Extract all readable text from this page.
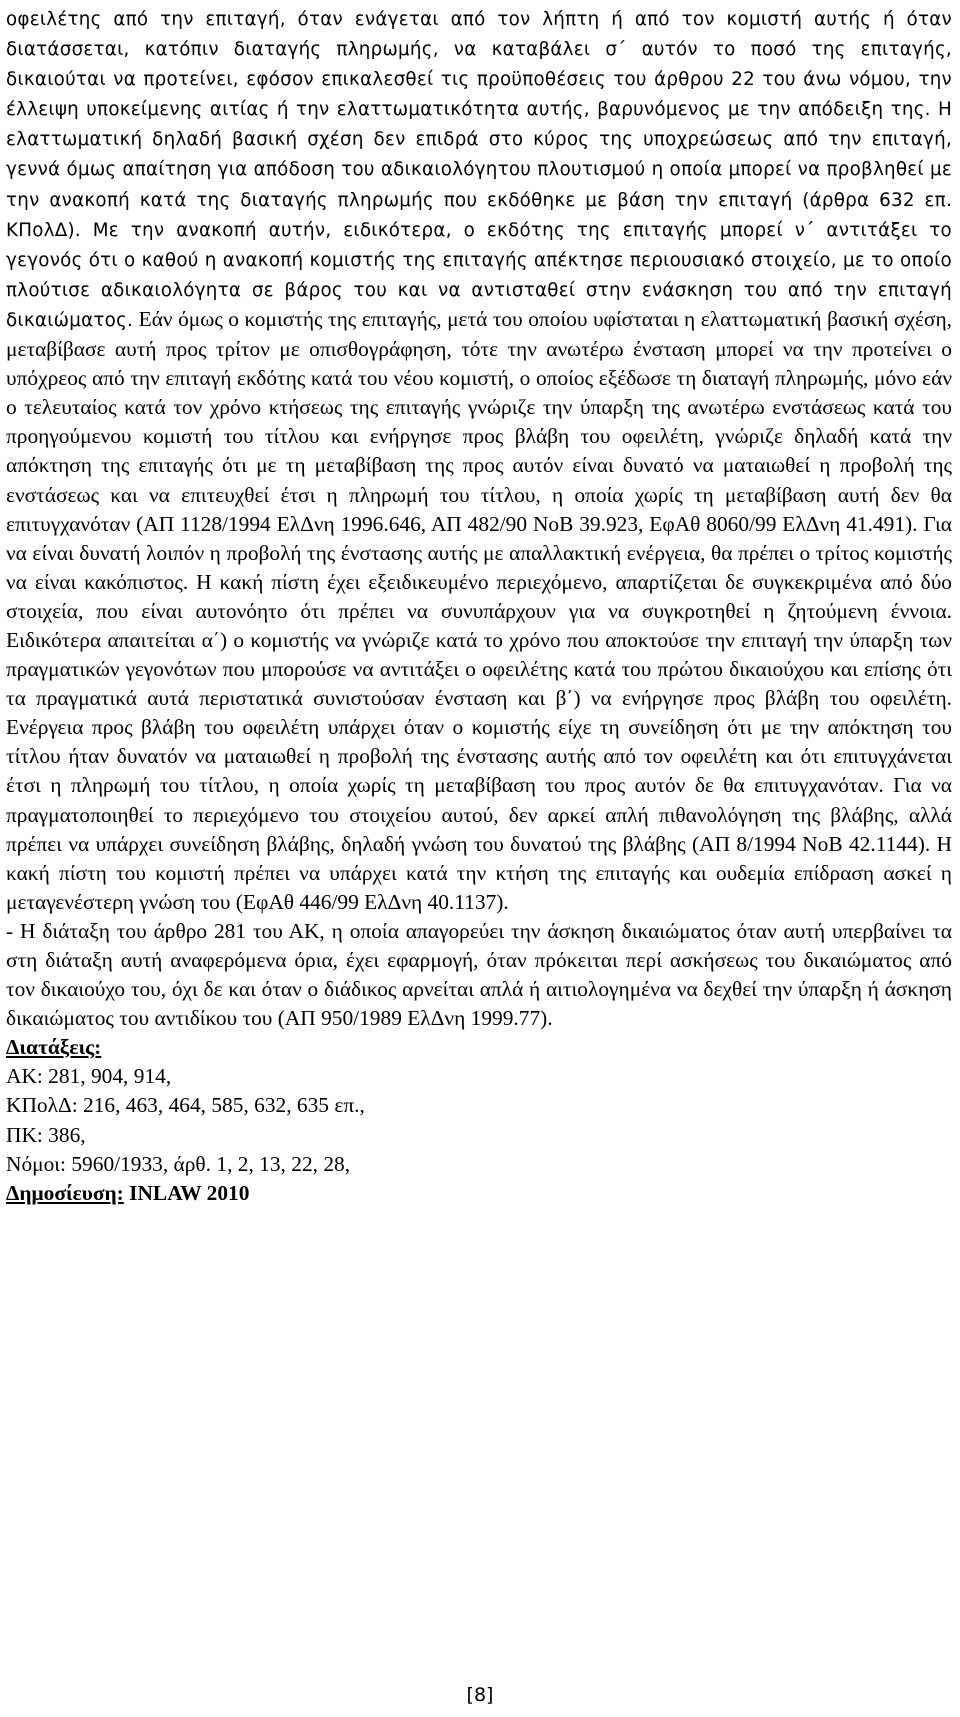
οφειλέτης από την επιταγή, όταν ενάγεται από τον λήπτη ή από τον κομιστή αυτής ή όταν διατάσσεται, κατόπιν διαταγής πληρωμής, να καταβάλει σ΄ αυτόν το ποσό της επιταγής, δικαιούται να προτείνει, εφόσον επικαλεσθεί τις προϋποθέσεις του άρθρου 22 του άνω νόμου, την έλλειψη υποκείμενης αιτίας ή την ελαττωματικότητα αυτής, βαρυνόμενος με την απόδειξη της. Η ελαττωματική δηλαδή βασική σχέση δεν επιδρά στο κύρος της υποχρεώσεως από την επιταγή, γεννά όμως απαίτηση για απόδοση του αδικαιολόγητου πλουτισμού η οποία μπορεί να προβληθεί με την ανακοπή κατά της διαταγής πληρωμής που εκδόθηκε με βάση την επιταγή (άρθρα 632 επ. ΚΠολΔ). Με την ανακοπή αυτήν, ειδικότερα, ο εκδότης της επιταγής μπορεί ν΄ αντιτάξει το γεγονός ότι ο καθού η ανακοπή κομιστής της επιταγής απέκτησε περιουσιακό στοιχείο, με το οποίο πλούτισε αδικαιολόγητα σε βάρος του και να αντισταθεί στην ενάσκηση του από την επιταγή δικαιώματος. Εάν όμως ο κομιστής της επιταγής, μετά του οποίου υφίσταται η ελαττωματική βασική σχέση, μεταβίβασε αυτή προς τρίτον με οπισθογράφηση, τότε την ανωτέρω ένσταση μπορεί να την προτείνει ο υπόχρεος από την επιταγή εκδότης κατά του νέου κομιστή, ο οποίος εξέδωσε τη διαταγή πληρωμής, μόνο εάν ο τελευταίος κατά τον χρόνο κτήσεως της επιταγής γνώριζε την ύπαρξη της ανωτέρω ενστάσεως κατά του προηγούμενου κομιστή του τίτλου και ενήργησε προς βλάβη του οφειλέτη, γνώριζε δηλαδή κατά την απόκτηση της επιταγής ότι με τη μεταβίβαση της προς αυτόν είναι δυνατό να ματαιωθεί η προβολή της ενστάσεως και να επιτευχθεί έτσι η πληρωμή του τίτλου, η οποία χωρίς τη μεταβίβαση αυτή δεν θα επιτυγχανόταν (ΑΠ 1128/1994 ΕλΔνη 1996.646, ΑΠ 482/90 ΝοΒ 39.923, ΕφΑθ 8060/99 ΕλΔνη 41.491). Για να είναι δυνατή λοιπόν η προβολή της ένστασης αυτής με απαλλακτική ενέργεια, θα πρέπει ο τρίτος κομιστής να είναι κακόπιστος. Η κακή πίστη έχει εξειδικευμένο περιεχόμενο, απαρτίζεται δε συγκεκριμένα από δύο στοιχεία, που είναι αυτονόητο ότι πρέπει να συνυπάρχουν για να συγκροτηθεί η ζητούμενη έννοια. Ειδικότερα απαιτείται α΄) ο κομιστής να γνώριζε κατά το χρόνο που αποκτούσε την επιταγή την ύπαρξη των πραγματικών γεγονότων που μπορούσε να αντιτάξει ο οφειλέτης κατά του πρώτου δικαιούχου και επίσης ότι τα πραγματικά αυτά περιστατικά συνιστούσαν ένσταση και β΄) να ενήργησε προς βλάβη του οφειλέτη. Ενέργεια προς βλάβη του οφειλέτη υπάρχει όταν ο κομιστής είχε τη συνείδηση ότι με την απόκτηση του τίτλου ήταν δυνατόν να ματαιωθεί η προβολή της ένστασης αυτής από τον οφειλέτη και ότι επιτυγχάνεται έτσι η πληρωμή του τίτλου, η οποία χωρίς τη μεταβίβαση του προς αυτόν δε θα επιτυγχανόταν. Για να πραγματοποιηθεί το περιεχόμενο του στοιχείου αυτού, δεν αρκεί απλή πιθανολόγηση της βλάβης, αλλά πρέπει να υπάρχει συνείδηση βλάβης, δηλαδή γνώση του δυνατού της βλάβης (ΑΠ 8/1994 ΝοΒ 42.1144). Η κακή πίστη του κομιστή πρέπει να υπάρχει κατά την κτήση της επιταγής και ουδεμία επίδραση ασκεί η μεταγενέστερη γνώση του (ΕφΑθ 446/99 ΕλΔνη 40.1137).

- Η διάταξη του άρθρο 281 του ΑΚ, η οποία απαγορεύει την άσκηση δικαιώματος όταν αυτή υπερβαίνει τα στη διάταξη αυτή αναφερόμενα όρια, έχει εφαρμογή, όταν πρόκειται περί ασκήσεως του δικαιώματος από τον δικαιούχο του, όχι δε και όταν ο διάδικος αρνείται απλά ή αιτιολογημένα να δεχθεί την ύπαρξη ή άσκηση δικαιώματος του αντιδίκου του (ΑΠ 950/1989 ΕλΔνη 1999.77).

Διατάξεις:

ΑΚ: 281, 904, 914,

ΚΠολΔ: 216, 463, 464, 585, 632, 635 επ.,

ΠΚ: 386,

Νόμοι: 5960/1933, άρθ. 1, 2, 13, 22, 28,

Δημοσίευση: INLAW 2010

[8]
